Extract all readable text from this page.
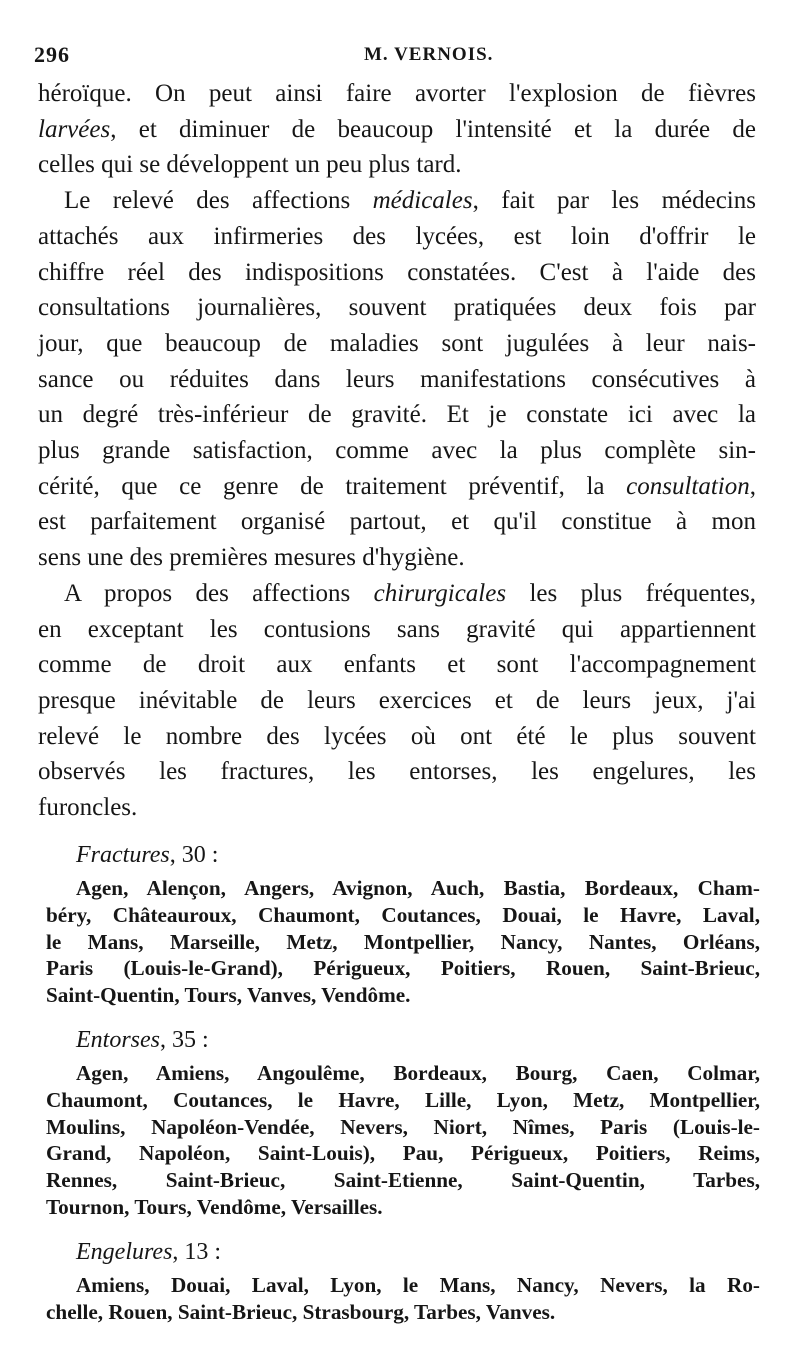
296	M. VERNOIS.
héroïque. On peut ainsi faire avorter l'explosion de fièvres
larvées, et diminuer de beaucoup l'intensité et la durée de
celles qui se développent un peu plus tard.
Le relevé des affections médicales, fait par les médecins
attachés aux infirmeries des lycées, est loin d'offrir le
chiffre réel des indispositions constatées. C'est à l'aide des
consultations journalières, souvent pratiquées deux fois par
jour, que beaucoup de maladies sont jugulées à leur nais-
sance ou réduites dans leurs manifestations consécutives à
un degré très-inférieur de gravité. Et je constate ici avec la
plus grande satisfaction, comme avec la plus complète sin-
cérité, que ce genre de traitement préventif, la consultation,
est parfaitement organisé partout, et qu'il constitue à mon
sens une des premières mesures d'hygiène.
A propos des affections chirurgicales les plus fréquentes,
en exceptant les contusions sans gravité qui appartiennent
comme de droit aux enfants et sont l'accompagnement
presque inévitable de leurs exercices et de leurs jeux, j'ai
relevé le nombre des lycées où ont été le plus souvent
observés les fractures, les entorses, les engelures, les
furoncles.
Fractures, 30 :
Agen, Alençon, Angers, Avignon, Auch, Bastia, Bordeaux, Cham-
béry, Châteauroux, Chaumont, Coutances, Douai, le Havre, Laval,
le Mans, Marseille, Metz, Montpellier, Nancy, Nantes, Orléans,
Paris (Louis-le-Grand), Périgueux, Poitiers, Rouen, Saint-Brieuc,
Saint-Quentin, Tours, Vanves, Vendôme.
Entorses, 35 :
Agen, Amiens, Angoulême, Bordeaux, Bourg, Caen, Colmar,
Chaumont, Coutances, le Havre, Lille, Lyon, Metz, Montpellier,
Moulins, Napoléon-Vendée, Nevers, Niort, Nîmes, Paris (Louis-le-
Grand, Napoléon, Saint-Louis), Pau, Périgueux, Poitiers, Reims,
Rennes, Saint-Brieuc, Saint-Etienne, Saint-Quentin, Tarbes,
Tournon, Tours, Vendôme, Versailles.
Engelures, 13 :
Amiens, Douai, Laval, Lyon, le Mans, Nancy, Nevers, la Ro-
chelle, Rouen, Saint-Brieuc, Strasbourg, Tarbes, Vanves.
